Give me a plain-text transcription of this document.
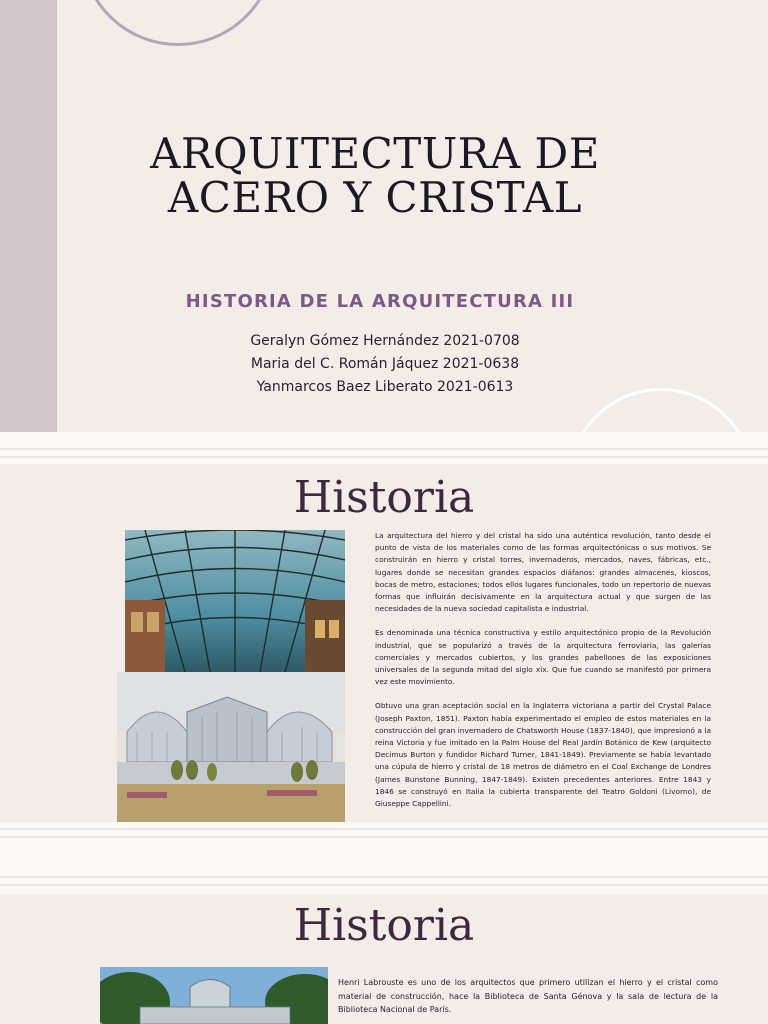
ARQUITECTURA DE
ACERO Y CRISTAL
HISTORIA DE LA ARQUITECTURA III
Geralyn Gómez Hernández 2021-0708
Maria del C. Román Jáquez 2021-0638
Yanmarcos Baez Liberato 2021-0613
Historia

La arquitectura del hierro y del cristal ha sido una auténtica revolución, tanto desde el punto de vista de los materiales como de las formas arquitectónicas o sus motivos. Se construirán en hierro y cristal torres, invernaderos, mercados, naves, fábricas, etc., lugares donde se necesitan grandes espacios diáfanos: grandes almacenes, kioscos, bocas de metro, estaciones; todos ellos lugares funcionales, todo un repertorio de nuevas formas que influirán decisivamente en la arquitectura actual y que surgen de las necesidades de la nueva sociedad capitalista e industrial.

Es denominada una técnica constructiva y estilo arquitectónico propio de la Revolución industrial, que se popularizó a través de la arquitectura ferroviaria, las galerías comerciales y mercados cubiertos, y los grandes pabellones de las exposiciones universales de la segunda mitad del siglo xix. Que fue cuando se manifestó por primera vez este movimiento.

Obtuvo una gran aceptación social en la Inglaterra victoriana a partir del Crystal Palace (Joseph Paxton, 1851). Paxton había experimentado el empleo de estos materiales en la construcción del gran invernadero de Chatsworth House (1837-1840), que impresionó a la reina Victoria y fue imitado en la Palm House del Real Jardín Botánico de Kew (arquitecto Decimus Burton y fundidor Richard Turner, 1841-1849). Previamente se había levantado una cúpula de hierro y cristal de 18 metros de diámetro en el Coal Exchange de Londres (James Bunstone Bunning, 1847-1849). Existen precedentes anteriores. Entre 1843 y 1846 se construyó en Italia la cubierta transparente del Teatro Goldoni (Livorno), de Giuseppe Cappellini.

Historia

Henri Labrouste es uno de los arquitectos que primero utilizan el hierro y el cristal como material de construcción, hace la Biblioteca de Santa Génova y la sala de lectura de la Biblioteca Nacional de París.
